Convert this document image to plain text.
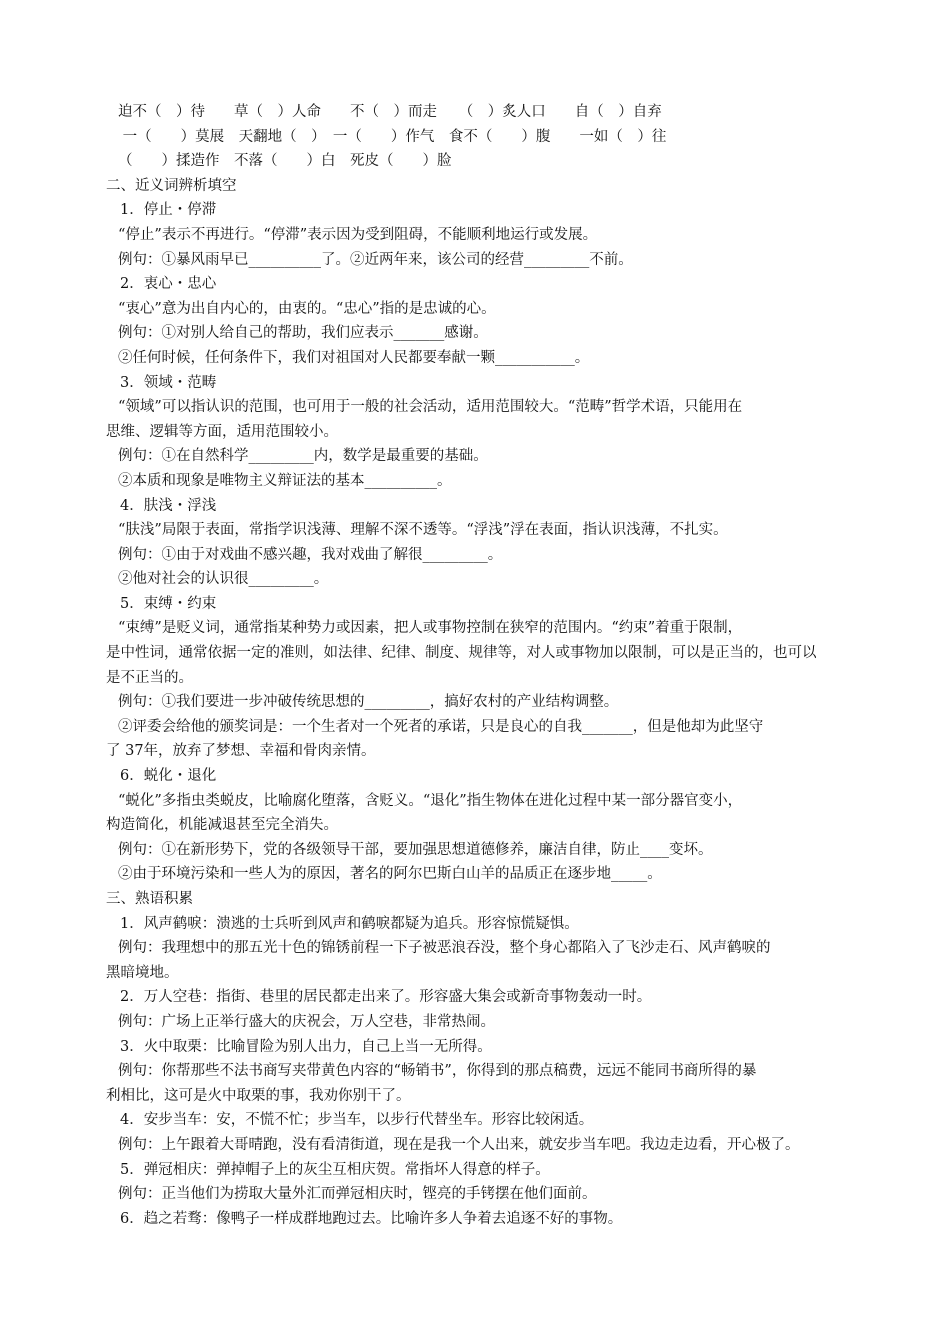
迫不（　）待　　草（　）人命　　不（　）而走　　（　）炙人口　　自（　）自弃
一（　　）莫展　天翻地（　）　一（　　）作气　食不（　　）腹　　一如（　）往
（　　）揉造作　不落（　　）白　死皮（　　）脸
二、近义词辨析填空
1．停止・停滞
“停止”表示不再进行。“停滞”表示因为受到阻碍，不能顺利地运行或发展。
例句：①暴风雨早已__________了。②近两年来，该公司的经营_________不前。
2．衷心・忠心
“衷心”意为出自内心的，由衷的。“忠心”指的是忠诚的心。
例句：①对别人给自己的帮助，我们应表示_______感谢。
②任何时候，任何条件下，我们对祖国对人民都要奉献一颗___________。
3．领域・范畴
“领域”可以指认识的范围，也可用于一般的社会活动，适用范围较大。“范畴”哲学术语，只能用在
思维、逻辑等方面，适用范围较小。
例句：①在自然科学_________内，数学是最重要的基础。
②本质和现象是唯物主义辩证法的基本__________。
4．肤浅・浮浅
“肤浅”局限于表面，常指学识浅薄、理解不深不透等。“浮浅”浮在表面，指认识浅薄，不扎实。
例句：①由于对戏曲不感兴趣，我对戏曲了解很_________。
②他对社会的认识很_________。
5．束缚・约束
“束缚”是贬义词，通常指某种势力或因素，把人或事物控制在狭窄的范围内。“约束”着重于限制，
是中性词，通常依据一定的准则，如法律、纪律、制度、规律等，对人或事物加以限制，可以是正当的，也可以
是不正当的。
例句：①我们要进一步冲破传统思想的_________，搞好农村的产业结构调整。
②评委会给他的颁奖词是：一个生者对一个死者的承诺，只是良心的自我_______，但是他却为此坚守
了 37年，放弃了梦想、幸福和骨肉亲情。
6．蜕化・退化
“蜕化”多指虫类蜕皮，比喻腐化堕落，含贬义。“退化”指生物体在进化过程中某一部分器官变小，
构造简化，机能减退甚至完全消失。
例句：①在新形势下，党的各级领导干部，要加强思想道德修养，廉洁自律，防止____变坏。
②由于环境污染和一些人为的原因，著名的阿尔巴斯白山羊的品质正在逐步地_____。
三、熟语积累
1．风声鹤唳：溃逃的士兵听到风声和鹤唳都疑为追兵。形容惊慌疑惧。
例句：我理想中的那五光十色的锦锈前程一下子被恶浪吞没，整个身心都陷入了飞沙走石、风声鹤唳的
黑暗境地。
2．万人空巷：指街、巷里的居民都走出来了。形容盛大集会或新奇事物轰动一时。
例句：广场上正举行盛大的庆祝会，万人空巷，非常热闹。
3．火中取栗：比喻冒险为别人出力，自己上当一无所得。
例句：你帮那些不法书商写夹带黄色内容的“畅销书”，你得到的那点稿费，远远不能同书商所得的暴
利相比，这可是火中取栗的事，我劝你别干了。
4．安步当车：安，不慌不忙；步当车，以步行代替坐车。形容比较闲适。
例句：上午跟着大哥晴跑，没有看清街道，现在是我一个人出来，就安步当车吧。我边走边看，开心极了。
5．弹冠相庆：弹掉帽子上的灰尘互相庆贺。常指坏人得意的样子。
例句：正当他们为捞取大量外汇而弹冠相庆时，铿亮的手铐摆在他们面前。
6．趋之若骛：像鸭子一样成群地跑过去。比喻许多人争着去追逐不好的事物。
